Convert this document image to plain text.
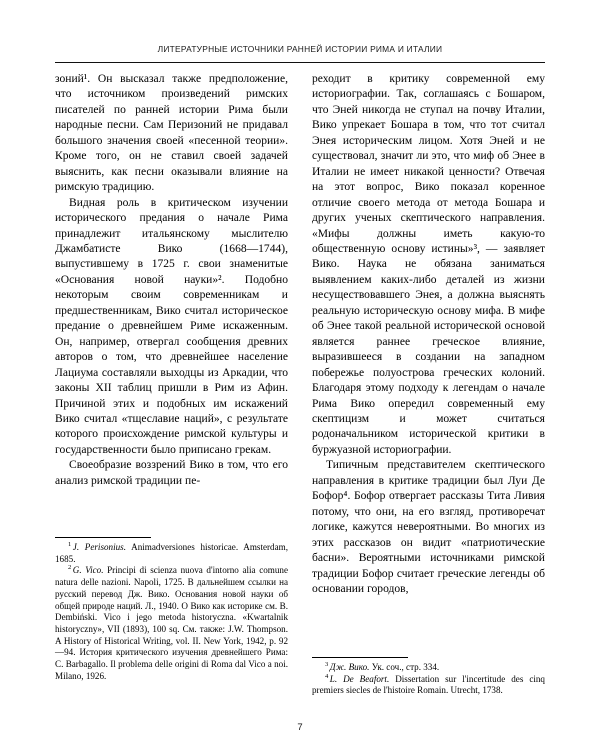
ЛИТЕРАТУРНЫЕ ИСТОЧНИКИ РАННЕЙ ИСТОРИИ РИМА И ИТАЛИИ

зоний¹. Он высказал также предположение, что источником произведений римских писателей по ранней истории Рима были народные песни. Сам Перизоний не придавал большого значения своей «песенной теории». Кроме того, он не ставил своей задачей выяснить, как песни оказывали влияние на римскую традицию.

Видная роль в критическом изучении исторического предания о начале Рима принадлежит итальянскому мыслителю Джамбатисте Вико (1668—1744), выпустившему в 1725 г. свои знаменитые «Основания новой науки»². Подобно некоторым своим современникам и предшественникам, Вико считал историческое предание о древнейшем Риме искаженным. Он, например, отвергал сообщения древних авторов о том, что древнейшее население Лациума составляли выходцы из Аркадии, что законы XII таблиц пришли в Рим из Афин. Причиной этих и подобных им искажений Вико считал «тщеславие наций», с результате которого происхождение римской культуры и государственности было приписано грекам.

Своеобразие воззрений Вико в том, что его анализ римской традиции пе-

$^1$ J. Perisonius. Animadversiones historicae. Amsterdam, 1685.

$^2$ G. Vico. Principi di scienza nuova d'intorno alia comune natura delle nazioni. Napoli, 1725. В дальнейшем ссылки на русский перевод Дж. Вико. Основания новой науки об общей природе наций. Л., 1940. О Вико как историке см. B. Dembiński. Vico i jego metoda historyczna. «Kwartalnik historyczny», VII (1893), 100 sq. См. также: J.W. Thompson. A History of Historical Writing, vol. II. New York, 1942, p. 92—94. История критического изучения древнейшего Рима: C. Barbagallo. Il problema delle origini di Roma dal Vico a noi. Milano, 1926.

реходит в критику современной ему историографии. Так, соглашаясь с Бошаром, что Эней никогда не ступал на почву Италии, Вико упрекает Бошара в том, что тот считал Энея историческим лицом. Хотя Эней и не существовал, значит ли это, что миф об Энее в Италии не имеет никакой ценности? Отвечая на этот вопрос, Вико показал коренное отличие своего метода от метода Бошара и других ученых скептического направления. «Мифы должны иметь какую-то общественную основу истины»³, — заявляет Вико. Наука не обязана заниматься выявлением каких-либо деталей из жизни несуществовавшего Энея, а должна выяснять реальную историческую основу мифа. В мифе об Энее такой реальной исторической основой является раннее греческое влияние, выразившееся в создании на западном побережье полуострова греческих колоний. Благодаря этому подходу к легендам о начале Рима Вико опередил современный ему скептицизм и может считаться родоначальником исторической критики в буржуазной историографии.

Типичным представителем скептического направления в критике традиции был Луи Де Бофор⁴. Бофор отвергает рассказы Тита Ливия потому, что они, на его взгляд, противоречат логике, кажутся невероятными. Во многих из этих рассказов он видит «патриотические басни». Вероятными источниками римской традиции Бофор считает греческие легенды об основании городов,

$^3$ Дж. Вико. Ук. соч., стр. 334.

$^4$ L. De Beafort. Dissertation sur l'incertitude des cinq premiers siecles de l'histoire Romain. Utrecht, 1738.

7
